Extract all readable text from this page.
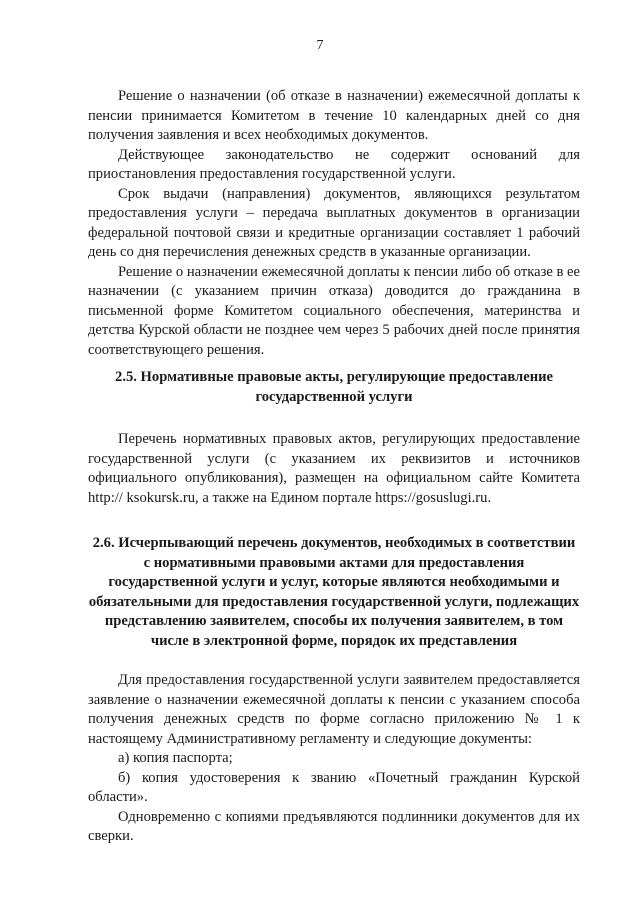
7

Решение о назначении (об отказе в назначении) ежемесячной доплаты к пенсии принимается Комитетом в течение 10 календарных дней со дня получения заявления и всех необходимых документов.

Действующее законодательство не содержит оснований для приостановления предоставления государственной услуги.

Срок выдачи (направления) документов, являющихся результатом предоставления услуги – передача выплатных документов в организации федеральной почтовой связи и кредитные организации составляет 1 рабочий день со дня перечисления денежных средств в указанные организации.

Решение о назначении ежемесячной доплаты к пенсии либо об отказе в ее назначении (с указанием причин отказа) доводится до гражданина в письменной форме Комитетом социального обеспечения, материнства и детства Курской области не позднее чем через 5 рабочих дней после принятия соответствующего решения.

2.5. Нормативные правовые акты, регулирующие предоставление государственной услуги

Перечень нормативных правовых актов, регулирующих предоставление государственной услуги (с указанием их реквизитов и источников официального опубликования), размещен на официальном сайте Комитета http:// ksokursk.ru, а также на Едином портале https://gosuslugi.ru.

2.6. Исчерпывающий перечень документов, необходимых в соответствии с нормативными правовыми актами для предоставления государственной услуги и услуг, которые являются необходимыми и обязательными для предоставления государственной услуги, подлежащих представлению заявителем, способы их получения заявителем, в том числе в электронной форме, порядок их представления

Для предоставления государственной услуги заявителем предоставляется заявление о назначении ежемесячной доплаты к пенсии с указанием способа получения денежных средств по форме согласно приложению № 1 к настоящему Административному регламенту и следующие документы:

а) копия паспорта;

б) копия удостоверения к званию «Почетный гражданин Курской области».

Одновременно с копиями предъявляются подлинники документов для их сверки.
